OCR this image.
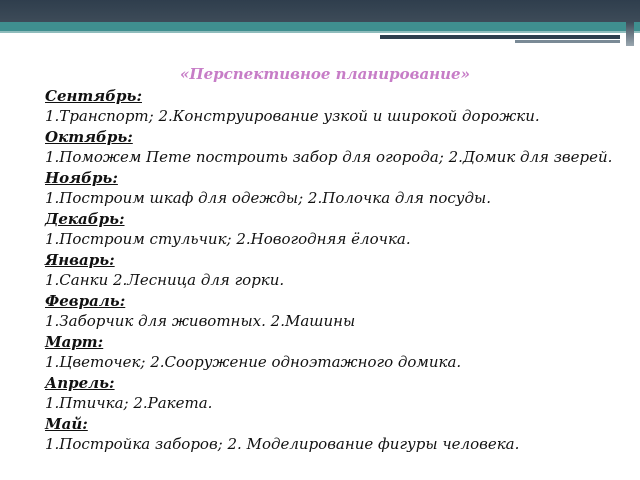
«Перспективное планирование»
Сентябрь:
1.Транспорт; 2.Конструирование узкой и широкой дорожки.
Октябрь:
1.Поможем Пете построить забор для огорода; 2.Домик для зверей.
Ноябрь:
1.Построим шкаф для одежды; 2.Полочка для посуды.
Декабрь:
1.Построим стульчик; 2.Новогодняя ёлочка.
Январь:
1.Санки 2.Лесница для горки.
Февраль:
1.Заборчик для животных. 2.Машины
Март:
1.Цветочек; 2.Сооружение одноэтажного домика.
Апрель:
1.Птичка; 2.Ракета.
Май:
1.Постройка заборов; 2. Моделирование фигуры человека.
